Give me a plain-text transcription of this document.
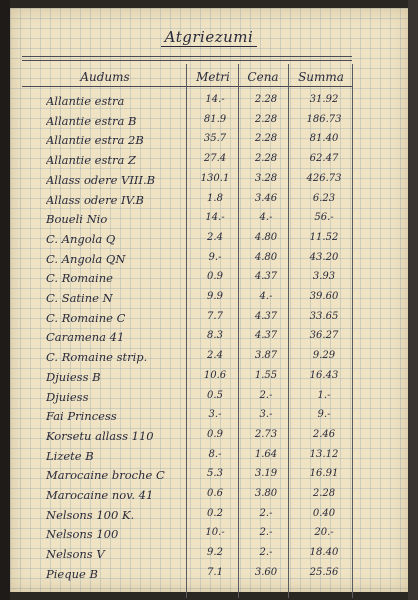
Atgriezumi
Audums	Metri	Cena	Summa
Allantie estra	14.-	2.28	31.92
Allantie estra B	81.9	2.28	186.73
Allantie estra 2B	35.7	2.28	81.40
Allantie estra Z	27.4	2.28	62.47
Allass odere VIII.B	130.1	3.28	426.73
Allass odere IV.B	1.8	3.46	6.23
Boueli Nio	14.-	4.-	56.-
C. Angola Q	2.4	4.80	11.52
C. Angola QN	9.-	4.80	43.20
C. Romaine	0.9	4.37	3.93
C. Satine N	9.9	4.-	39.60
C. Romaine C	7.7	4.37	33.65
Caramena 41	8.3	4.37	36.27
C. Romaine strip.	2.4	3.87	9.29
Djuiess B	10.6	1.55	16.43
Djuiess	0.5	2.-	1.-
Fai Princess	3.-	3.-	9.-
Korsetu allass 110	0.9	2.73	2.46
Lizete B	8.-	1.64	13.12
Marocaine broche C	5.3	3.19	16.91
Marocaine nov. 41	0.6	3.80	2.28
Nelsons 100 K.	0.2	2.-	0.40
Nelsons 100	10.-	2.-	20.-
Nelsons V	9.2	2.-	18.40
Pieque B	7.1	3.60	25.56
